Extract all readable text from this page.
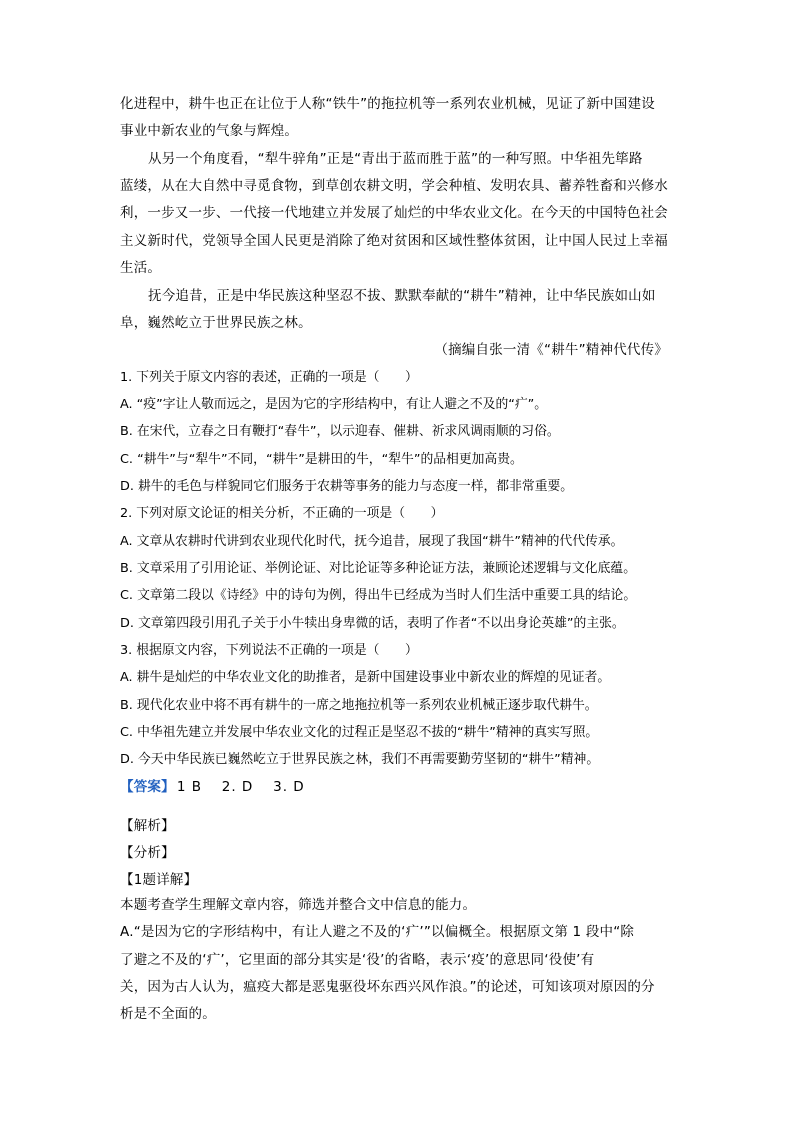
化进程中，耕牛也正在让位于人称“铁牛”的拖拉机等一系列农业机械，见证了新中国建设
事业中新农业的气象与辉煌。
从另一个角度看，“犁牛骍角”正是“青出于蓝而胜于蓝”的一种写照。中华祖先筚路
蓝缕，从在大自然中寻觅食物，到草创农耕文明，学会种植、发明农具、蓄养牲畜和兴修水
利，一步又一步、一代接一代地建立并发展了灿烂的中华农业文化。在今天的中国特色社会
主义新时代，党领导全国人民更是消除了绝对贫困和区域性整体贫困，让中国人民过上幸福
生活。
抚今追昔，正是中华民族这种坚忍不拔、默默奉献的“耕牛”精神，让中华民族如山如
阜，巍然屹立于世界民族之林。
（摘编自张一清《“耕牛”精神代代传》
1. 下列关于原文内容的表述，正确的一项是（　　）
A. “疫”字让人敬而远之，是因为它的字形结构中，有让人避之不及的“疒”。
B. 在宋代，立春之日有鞭打“春牛”，以示迎春、催耕、祈求风调雨顺的习俗。
C. “耕牛”与“犁牛”不同，“耕牛”是耕田的牛，“犁牛”的品相更加高贵。
D. 耕牛的毛色与样貌同它们服务于农耕等事务的能力与态度一样，都非常重要。
2. 下列对原文论证的相关分析，不正确的一项是（　　）
A. 文章从农耕时代讲到农业现代化时代，抚今追昔，展现了我国“耕牛”精神的代代传承。
B. 文章采用了引用论证、举例论证、对比论证等多种论证方法，兼顾论述逻辑与文化底蕴。
C. 文章第二段以《诗经》中的诗句为例，得出牛已经成为当时人们生活中重要工具的结论。
D. 文章第四段引用孔子关于小牛犊出身卑微的话，表明了作者“不以出身论英雄”的主张。
3. 根据原文内容，下列说法不正确的一项是（　　）
A. 耕牛是灿烂的中华农业文化的助推者，是新中国建设事业中新农业的辉煌的见证者。
B. 现代化农业中将不再有耕牛的一席之地拖拉机等一系列农业机械正逐步取代耕牛。
C. 中华祖先建立并发展中华农业文化的过程正是坚忍不拔的“耕牛”精神的真实写照。
D. 今天中华民族已巍然屹立于世界民族之林，我们不再需要勤劳坚韧的“耕牛”精神。
【答案】 1 B　 2. D　 3. D
【解析】
【分析】
【1题详解】
本题考查学生理解文章内容，筛选并整合文中信息的能力。
A.“是因为它的字形结构中，有让人避之不及的‘疒’”以偏概全。根据原文第 1 段中“除
了避之不及的‘疒’，它里面的部分其实是‘役’的省略，表示‘疫’的意思同‘役使’有
关，因为古人认为，瘟疫大都是恶鬼驱役坏东西兴风作浪。”的论述，可知该项对原因的分
析是不全面的。
